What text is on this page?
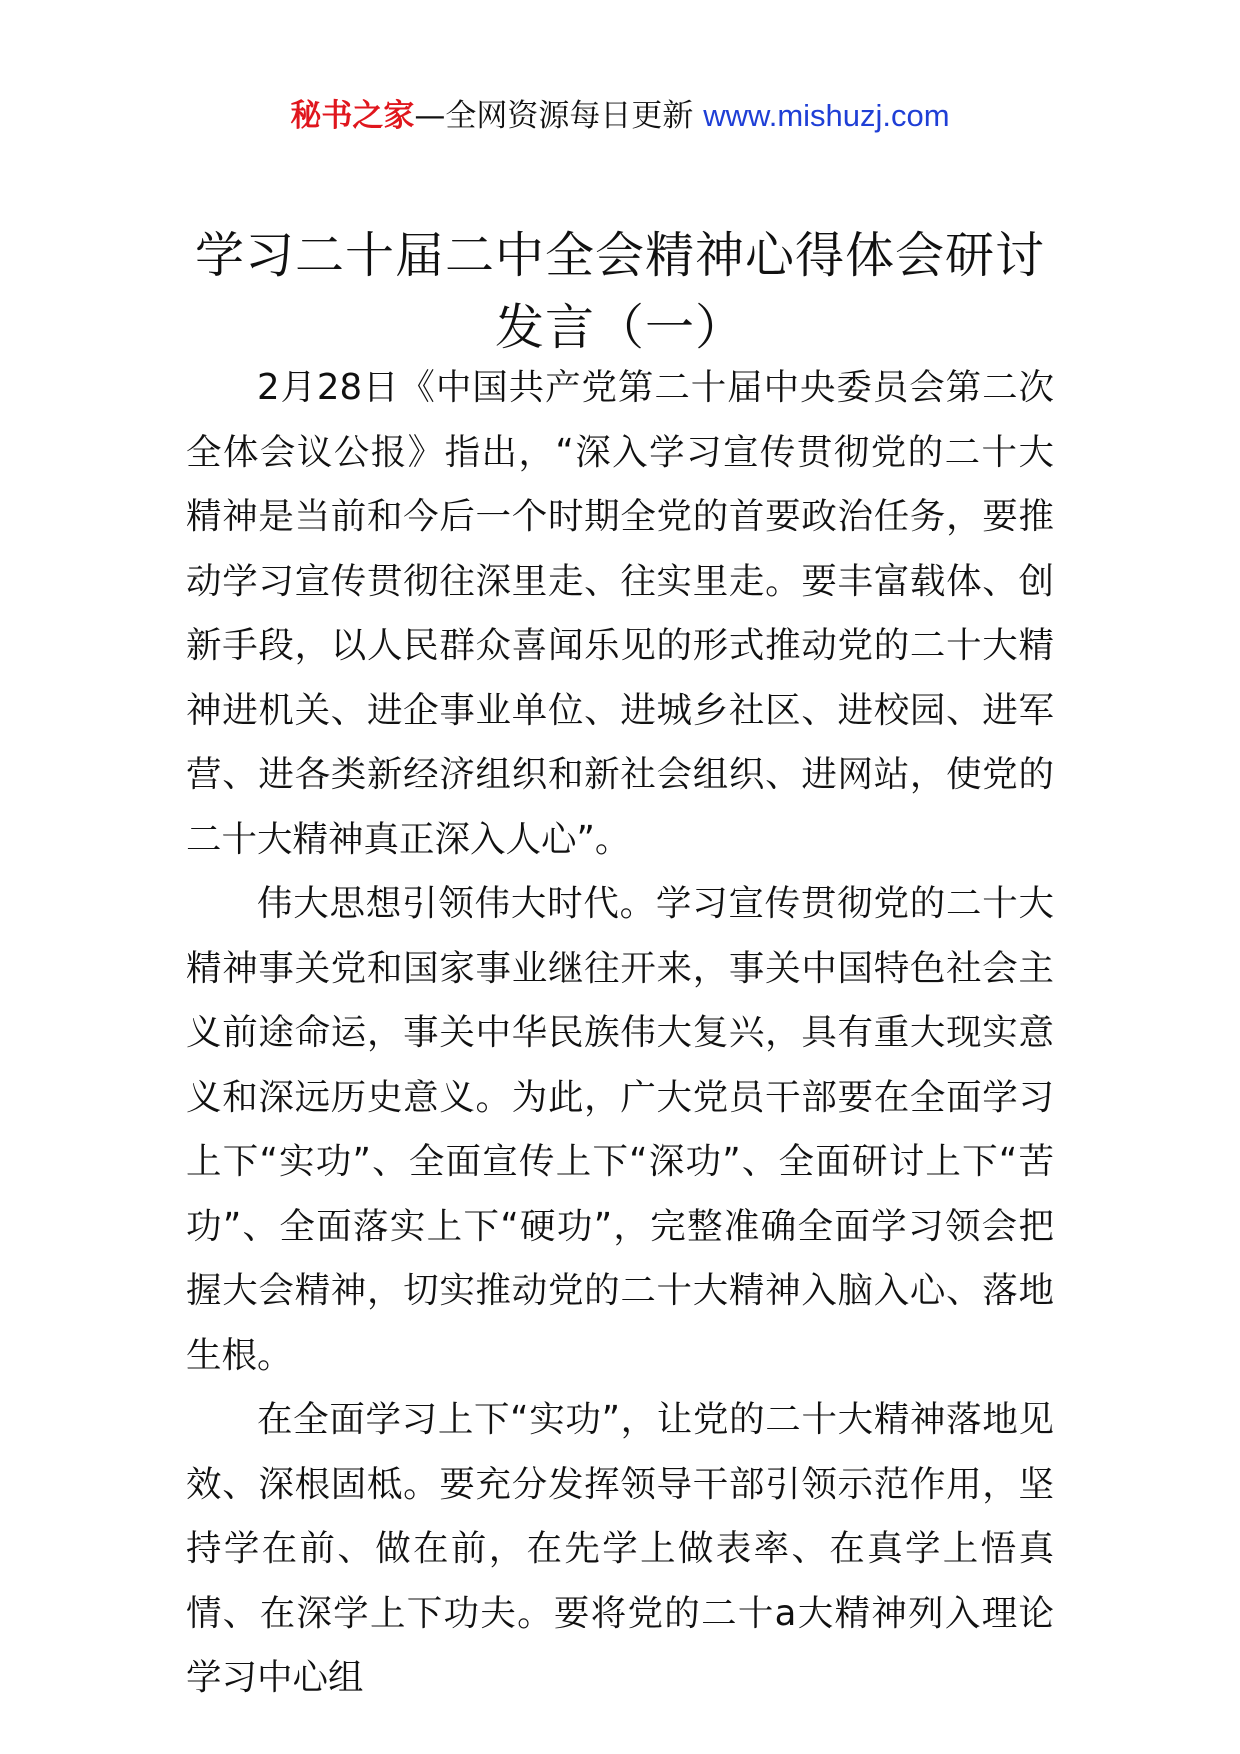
秘书之家—全网资源每日更新 www.mishuzj.com
学习二十届二中全会精神心得体会研讨
发言（一）

2月28日《中国共产党第二十届中央委员会第二次全体会议公报》指出，“深入学习宣传贯彻党的二十大精神是当前和今后一个时期全党的首要政治任务，要推动学习宣传贯彻往深里走、往实里走。要丰富载体、创新手段，以人民群众喜闻乐见的形式推动党的二十大精神进机关、进企事业单位、进城乡社区、进校园、进军营、进各类新经济组织和新社会组织、进网站，使党的二十大精神真正深入人心”。

伟大思想引领伟大时代。学习宣传贯彻党的二十大精神事关党和国家事业继往开来，事关中国特色社会主义前途命运，事关中华民族伟大复兴，具有重大现实意义和深远历史意义。为此，广大党员干部要在全面学习上下“实功”、全面宣传上下“深功”、全面研讨上下“苦功”、全面落实上下“硬功”，完整准确全面学习领会把握大会精神，切实推动党的二十大精神入脑入心、落地生根。

在全面学习上下“实功”，让党的二十大精神落地见效、深根固柢。要充分发挥领导干部引领示范作用，坚持学在前、做在前，在先学上做表率、在真学上悟真情、在深学上下功夫。要将党的二十a大精神列入理论学习中心组
